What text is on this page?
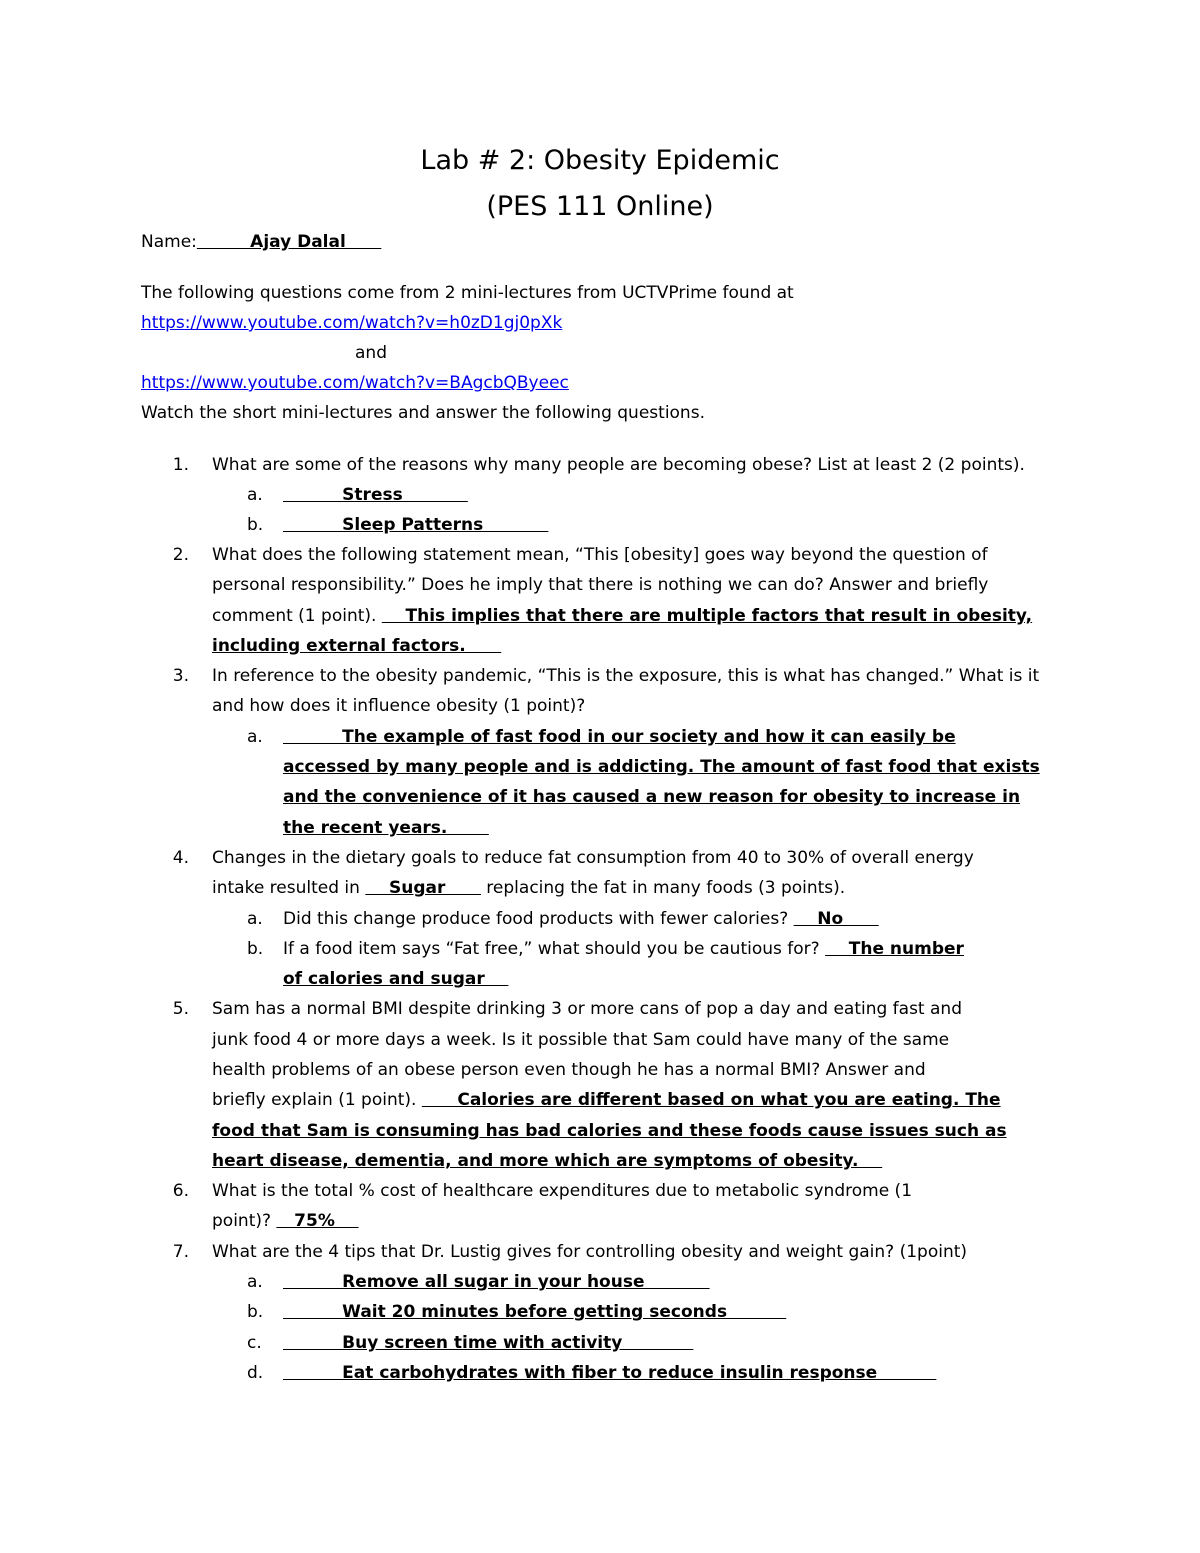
Lab # 2: Obesity Epidemic
(PES 111 Online)
Name:         Ajay Dalal
The following questions come from 2 mini-lectures from UCTVPrime found at
https://www.youtube.com/watch?v=h0zD1gj0pXk
and
https://www.youtube.com/watch?v=BAgcbQByeec
Watch the short mini-lectures and answer the following questions.
1. What are some of the reasons why many people are becoming obese? List at least 2 (2 points).
a. Stress
b. Sleep Patterns
2. What does the following statement mean, “This [obesity] goes way beyond the question of
personal responsibility.” Does he imply that there is nothing we can do? Answer and briefly
comment (1 point).     This implies that there are multiple factors that result in obesity,
including external factors.
3. In reference to the obesity pandemic, “This is the exposure, this is what has changed.” What is it
and how does it influence obesity (1 point)?
a. The example of fast food in our society and how it can easily be
accessed by many people and is addicting. The amount of fast food that exists
and the convenience of it has caused a new reason for obesity to increase in
the recent years.
4. Changes in the dietary goals to reduce fat consumption from 40 to 30% of overall energy
intake resulted in     Sugar       replacing the fat in many foods (3 points).
a. Did this change produce food products with fewer calories?     No
b. If a food item says “Fat free,” what should you be cautious for?     The number
of calories and sugar
5. Sam has a normal BMI despite drinking 3 or more cans of pop a day and eating fast and
junk food 4 or more days a week. Is it possible that Sam could have many of the same
health problems of an obese person even though he has a normal BMI? Answer and
briefly explain (1 point).       Calories are different based on what you are eating. The
food that Sam is consuming has bad calories and these foods cause issues such as
heart disease, dementia, and more which are symptoms of obesity.
6. What is the total % cost of healthcare expenditures due to metabolic syndrome (1
point)?    75%
7. What are the 4 tips that Dr. Lustig gives for controlling obesity and weight gain? (1point)
a. Remove all sugar in your house
b. Wait 20 minutes before getting seconds
c. Buy screen time with activity
d. Eat carbohydrates with fiber to reduce insulin response
